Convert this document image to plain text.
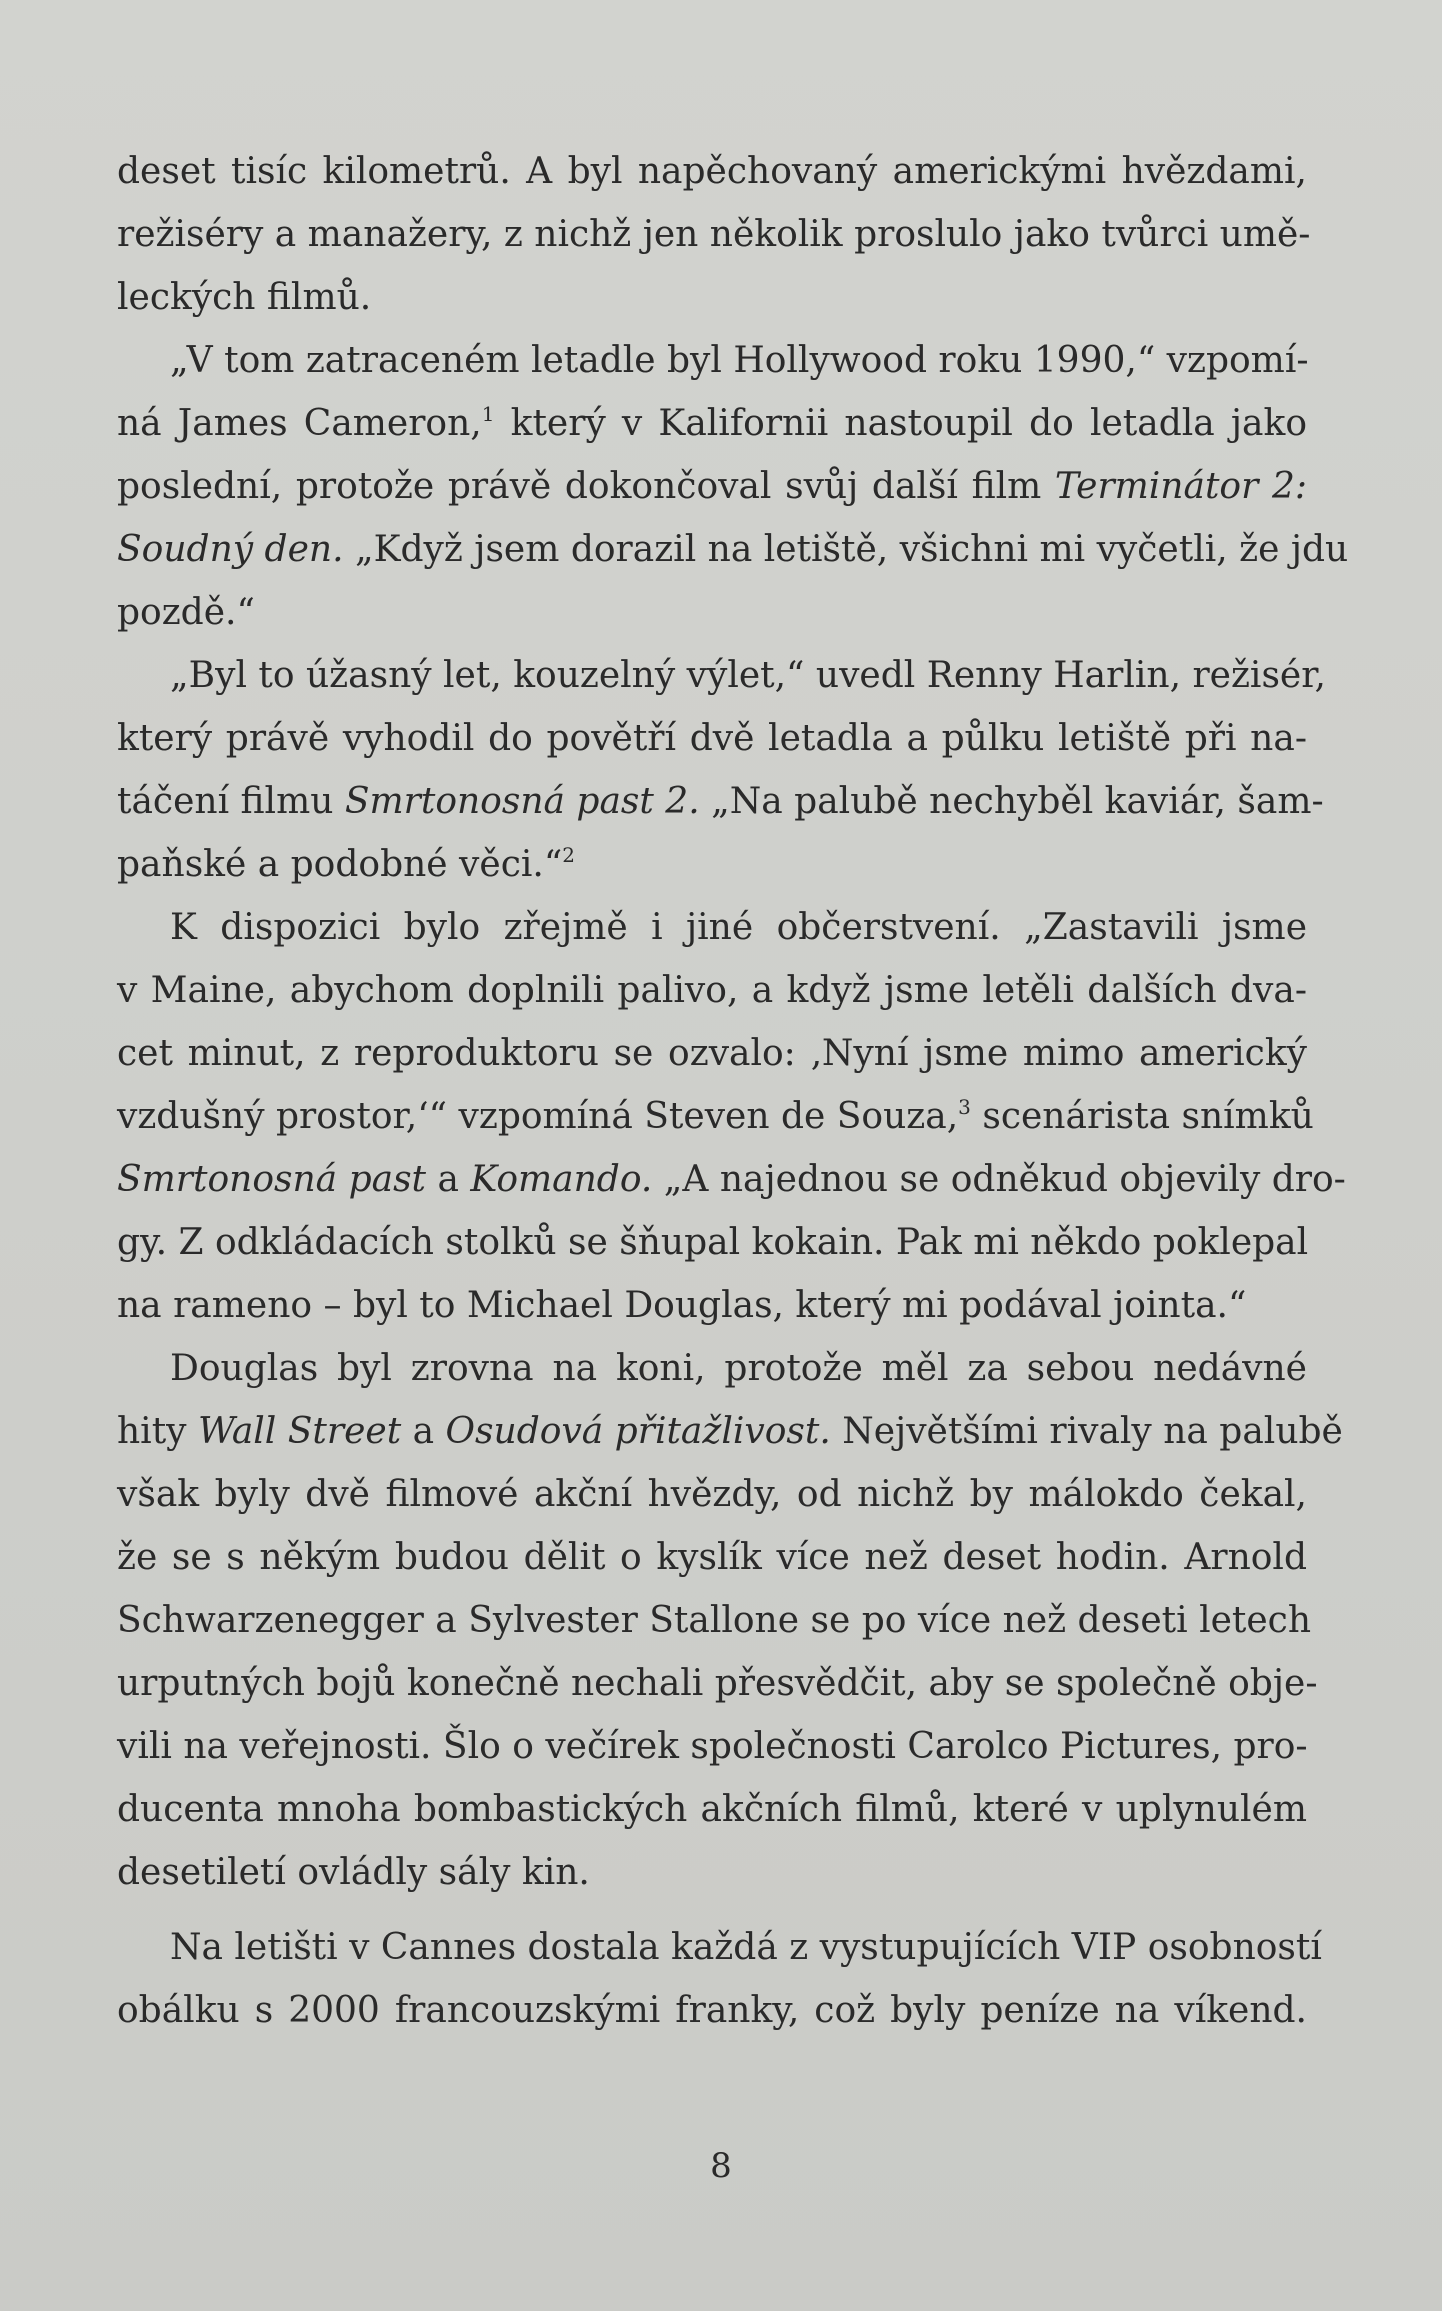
deset tisíc kilometrů. A byl napěchovaný americkými hvězdami,
režiséry a manažery, z nichž jen několik proslulo jako tvůrci umě-
leckých filmů.
„V tom zatraceném letadle byl Hollywood roku 1990,“ vzpomí-
ná James Cameron,$^1$ který v Kalifornii nastoupil do letadla jako
poslední, protože právě dokončoval svůj další film Terminátor 2:
Soudný den. „Když jsem dorazil na letiště, všichni mi vyčetli, že jdu
pozdě.“
„Byl to úžasný let, kouzelný výlet,“ uvedl Renny Harlin, režisér,
který právě vyhodil do povětří dvě letadla a půlku letiště při na-
táčení filmu Smrtonosná past 2. „Na palubě nechyběl kaviár, šam-
paňské a podobné věci.“$^2$
K dispozici bylo zřejmě i jiné občerstvení. „Zastavili jsme
v Maine, abychom doplnili palivo, a když jsme letěli dalších dva-
cet minut, z reproduktoru se ozvalo: ‚Nyní jsme mimo americký
vzdušný prostor,‘“ vzpomíná Steven de Souza,$^3$ scenárista snímků
Smrtonosná past a Komando. „A najednou se odněkud objevily dro-
gy. Z odkládacích stolků se šňupal kokain. Pak mi někdo poklepal
na rameno – byl to Michael Douglas, který mi podával jointa.“
Douglas byl zrovna na koni, protože měl za sebou nedávné
hity Wall Street a Osudová přitažlivost. Největšími rivaly na palubě
však byly dvě filmové akční hvězdy, od nichž by málokdo čekal,
že se s někým budou dělit o kyslík více než deset hodin. Arnold
Schwarzenegger a Sylvester Stallone se po více než deseti letech
urputných bojů konečně nechali přesvědčit, aby se společně obje-
vili na veřejnosti. Šlo o večírek společnosti Carolco Pictures, pro-
ducenta mnoha bombastických akčních filmů, které v uplynulém
desetiletí ovládly sály kin.
Na letišti v Cannes dostala každá z vystupujících VIP osobností
obálku s 2000 francouzskými franky, což byly peníze na víkend.
8
